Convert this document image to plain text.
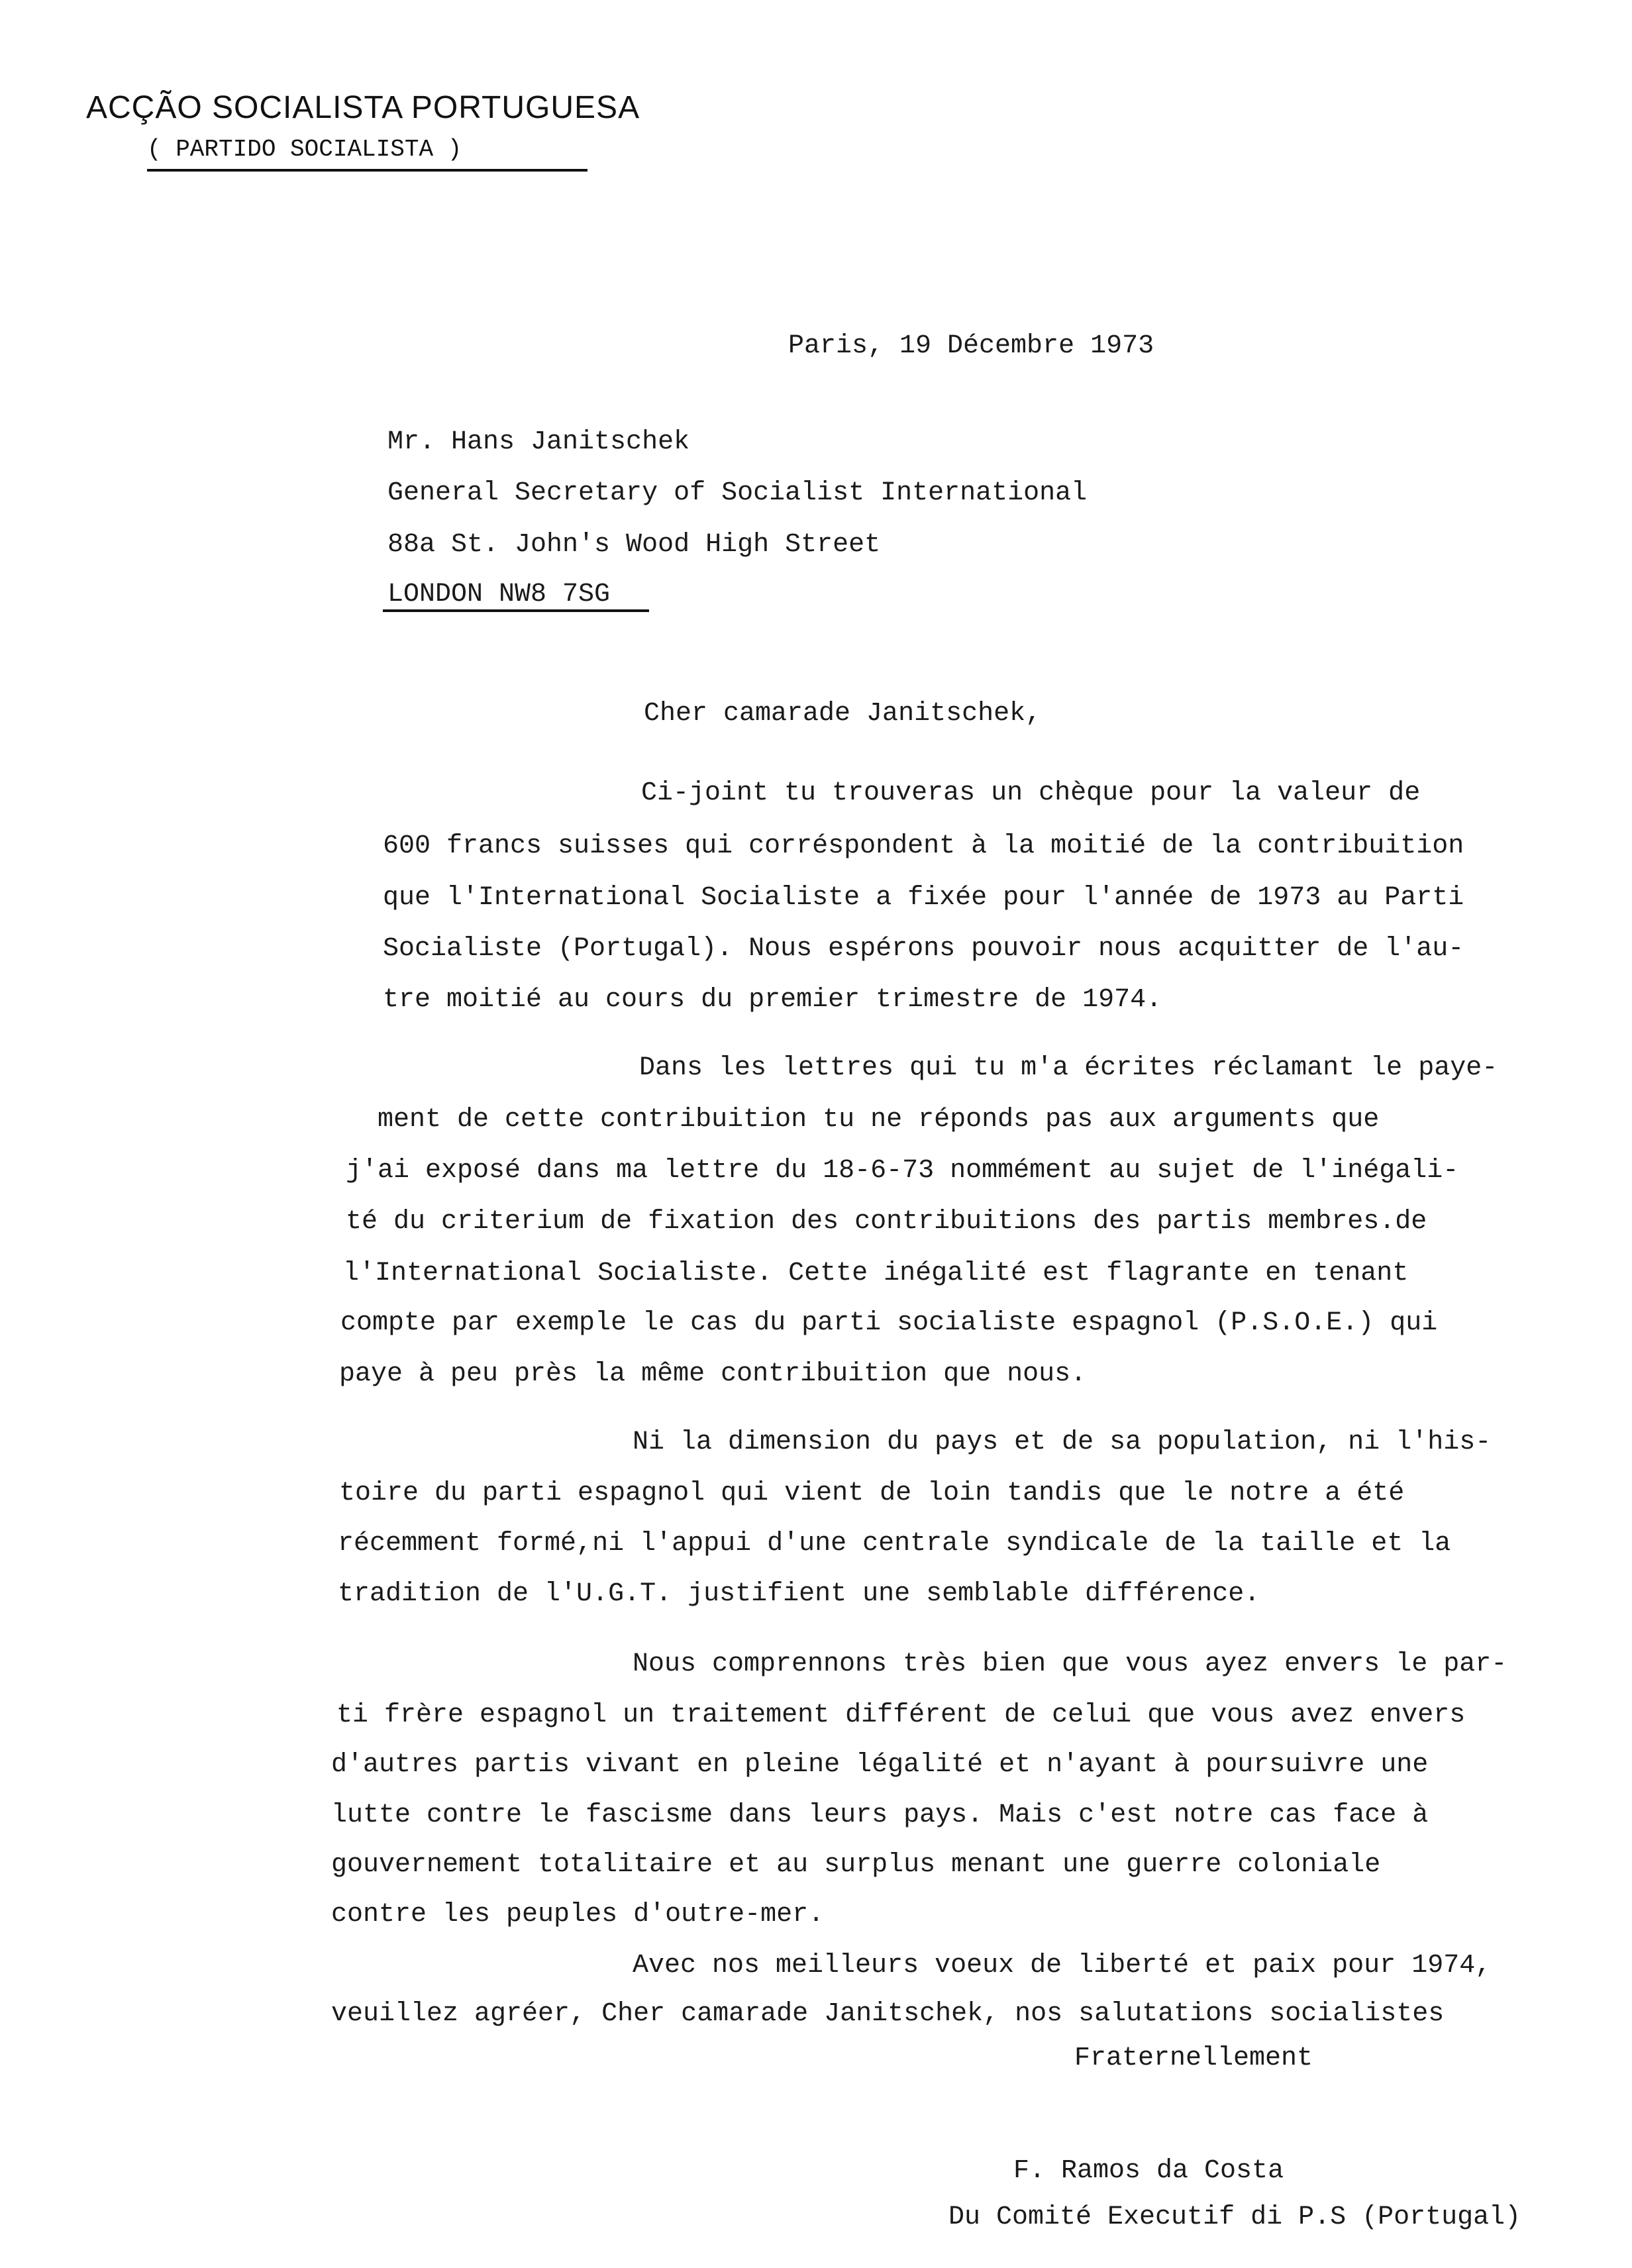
ACÇÃO SOCIALISTA PORTUGUESA
( PARTIDO SOCIALISTA )
Paris, 19 Décembre 1973
Mr. Hans Janitschek
General Secretary of Socialist International
88a St. John's Wood High Street
LONDON NW8 7SG
Cher camarade Janitschek,

Ci-joint tu trouveras un chèque pour la valeur de

600 francs suisses qui corréspondent à la moitié de la contribuition

que l'International Socialiste a fixée pour l'année de 1973 au Parti

Socialiste (Portugal). Nous espérons pouvoir nous acquitter de l'au-

tre moitié au cours du premier trimestre de 1974.

Dans les lettres qui tu m'a écrites réclamant le paye-

ment de cette contribuition tu ne réponds pas aux arguments que

j'ai exposé dans ma lettre du 18-6-73 nommément au sujet de l'inégali-

té du criterium de fixation des contribuitions des partis membres.de

l'International Socialiste. Cette inégalité est flagrante en tenant

compte par exemple le cas du parti socialiste espagnol (P.S.O.E.) qui

paye à peu près la même contribuition que nous.

Ni la dimension du pays et de sa population, ni l'his-

toire du parti espagnol qui vient de loin tandis que le notre a été

récemment formé,ni l'appui d'une centrale syndicale de la taille et la

tradition de l'U.G.T. justifient une semblable différence.

Nous comprennons très bien que vous ayez envers le par-

ti frère espagnol un traitement différent de celui que vous avez envers

d'autres partis vivant en pleine légalité et n'ayant à poursuivre une

lutte contre le fascisme dans leurs pays. Mais c'est notre cas face à

gouvernement totalitaire et au surplus menant une guerre coloniale

contre les peuples d'outre-mer.

Avec nos meilleurs voeux de liberté et paix pour 1974,

veuillez agréer, Cher camarade Janitschek, nos salutations socialistes

Fraternellement
F. Ramos da Costa
Du Comité Executif di P.S (Portugal)
